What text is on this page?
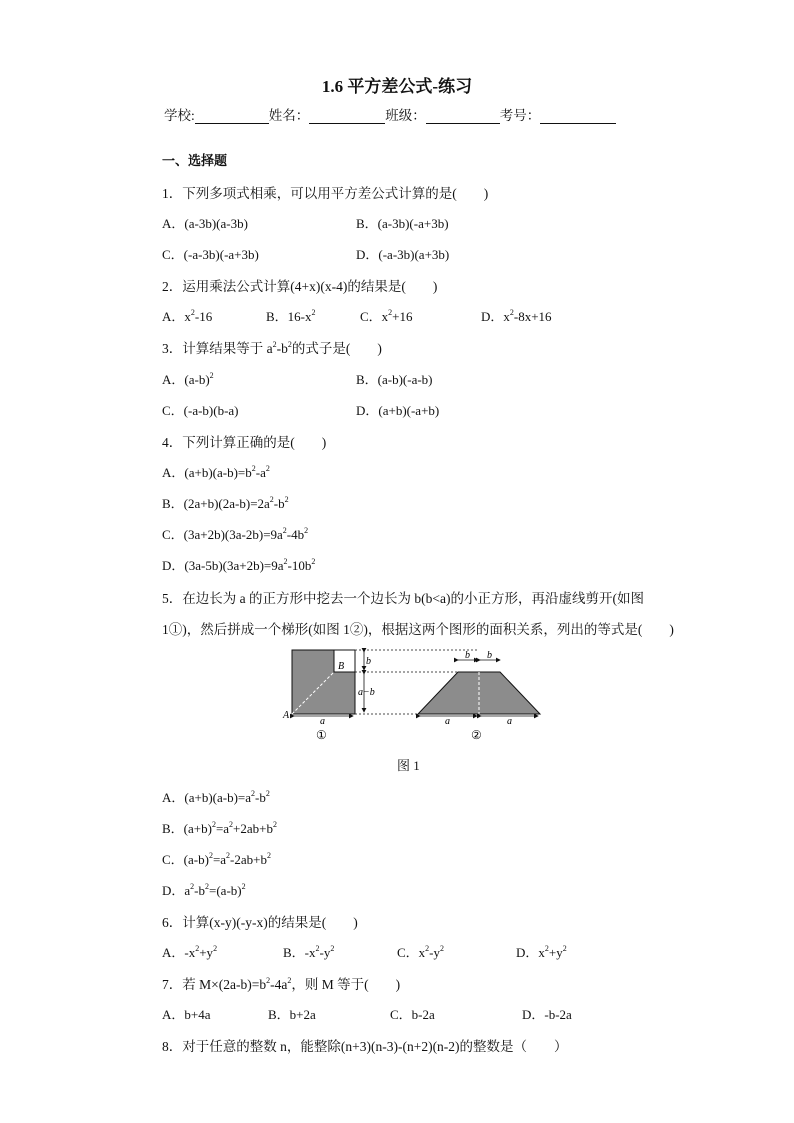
1.6 平方差公式-练习
学校:	姓名：	班级：	考号：
一、选择题
1．下列多项式相乘，可以用平方差公式计算的是(　　)
A．(a-3b)(a-3b)	B．(a-3b)(-a+3b)
C．(-a-3b)(-a+3b)	D．(-a-3b)(a+3b)
2．运用乘法公式计算(4+x)(x-4)的结果是(　　)
A．$x^2-16$	B．$16-x^2$	C．$x^2+16$	D．$x^2-8x+16$
3．计算结果等于 $a^2-b^2$的式子是(　　)
A．$(a-b)^2$	B．(a-b)(-a-b)
C．(-a-b)(b-a)	D．(a+b)(-a+b)
4．下列计算正确的是(　　)
A．$(a+b)(a-b)=b^2-a^2$
B．$(2a+b)(2a-b)=2a^2-b^2$
C．$(3a+2b)(3a-2b)=9a^2-4b^2$
D．$(3a-5b)(3a+2b)=9a^2-10b^2$
5．在边长为 a 的正方形中挖去一个边长为 b(b<a)的小正方形，再沿虚线剪开(如图
1①)，然后拼成一个梯形(如图 1②)，根据这两个图形的面积关系，列出的等式是(　　)
B
A
b
a−b
a
①
b b
a	a
②
图 1
A．$(a+b)(a-b)=a^2-b^2$
B．$(a+b)^2=a^2+2ab+b^2$
C．$(a-b)^2=a^2-2ab+b^2$
D．$a^2-b^2=(a-b)^2$
6．计算(x-y)(-y-x)的结果是(　　)
A．$-x^2+y^2$	B．$-x^2-y^2$	C．$x^2-y^2$	D．$x^2+y^2$
7．若 $M\times(2a-b)=b^2-4a^2$，则 M 等于(　　)
A．b+4a	B．b+2a	C．b-2a	D．-b-2a
8．对于任意的整数 n，能整除(n+3)(n-3)-(n+2)(n-2)的整数是（　　）
